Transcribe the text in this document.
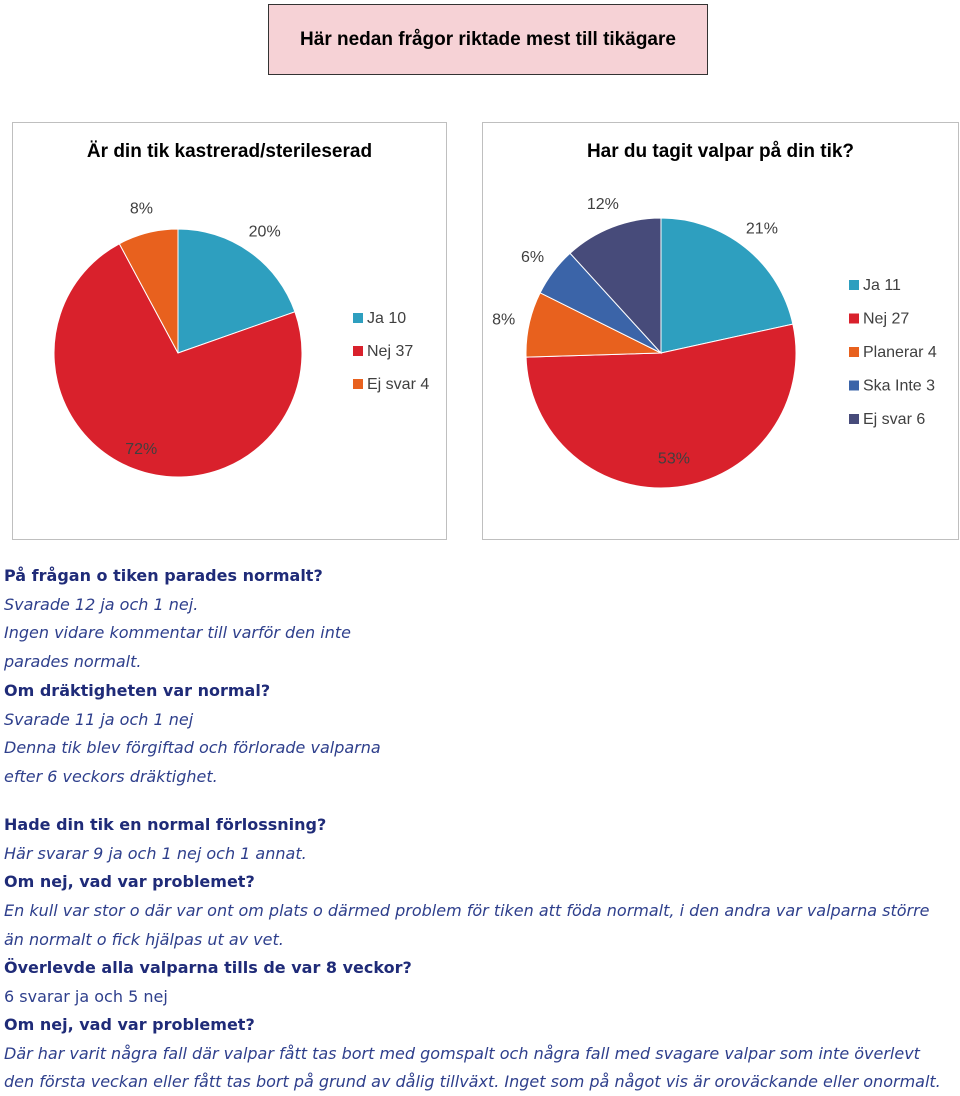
Här nedan frågor riktade mest till tikägare
Är din tik kastrerad/sterileserad
20%
72%
8%
Ja 10
Nej 37
Ej svar 4
Har du tagit valpar på din tik?
21%
53%
8%
6%
12%
Ja 11
Nej 27
Planerar 4
Ska Inte 3
Ej svar 6
På frågan o tiken parades normalt?
Svarade 12 ja och 1 nej.
Ingen vidare kommentar till varför den inte
parades normalt.
Om dräktigheten var normal?
Svarade 11 ja och 1 nej
Denna tik blev förgiftad och förlorade valparna
efter 6 veckors dräktighet.
Hade din tik en normal förlossning?
Här svarar 9 ja och 1 nej och 1 annat.
Om nej, vad var problemet?
En kull var stor o där var ont om plats o därmed problem för tiken att föda normalt, i den andra var valparna större
än normalt o fick hjälpas ut av vet.
Överlevde alla valparna tills de var 8 veckor?
6 svarar ja och 5 nej
Om nej, vad var problemet?
Där har varit några fall där valpar fått tas bort med gomspalt och några fall med svagare valpar som inte överlevt
den första veckan eller fått tas bort på grund av dålig tillväxt. Inget som på något vis är oroväckande eller onormalt.
